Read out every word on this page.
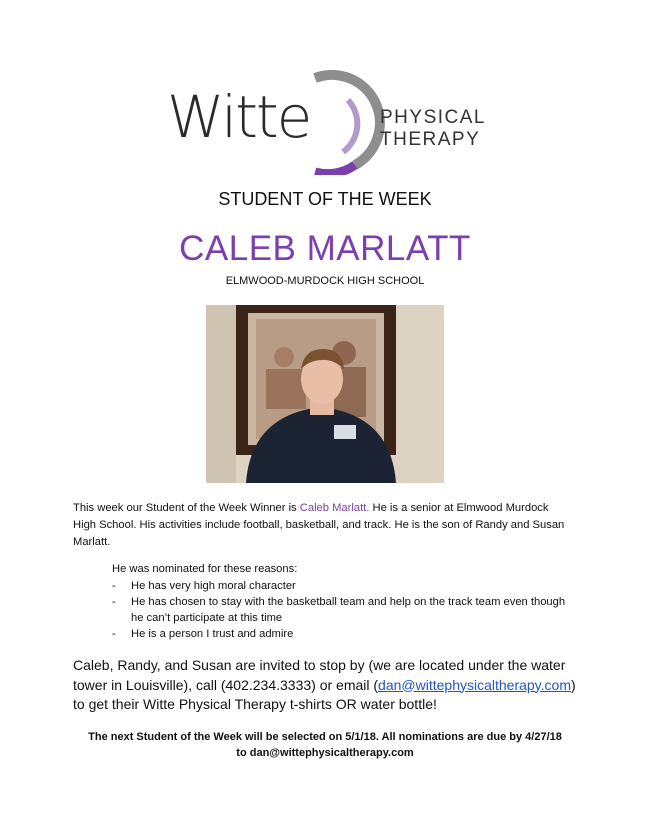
Witte	PHYSICAL
THERAPY
STUDENT OF THE WEEK
CALEB MARLATT
ELMWOOD-MURDOCK HIGH SCHOOL
This week our Student of the Week Winner is Caleb Marlatt. He is a senior at Elmwood Murdock High School. His activities include football, basketball, and track. He is the son of Randy and Susan Marlatt.
He was nominated for these reasons:
- He has very high moral character
- He has chosen to stay with the basketball team and help on the track team even though he can’t participate at this time
- He is a person I trust and admire
Caleb, Randy, and Susan are invited to stop by (we are located under the water tower in Louisville), call (402.234.3333) or email (dan@wittephysicaltherapy.com) to get their Witte Physical Therapy t-shirts OR water bottle!
The next Student of the Week will be selected on 5/1/18. All nominations are due by 4/27/18
to dan@wittephysicaltherapy.com
